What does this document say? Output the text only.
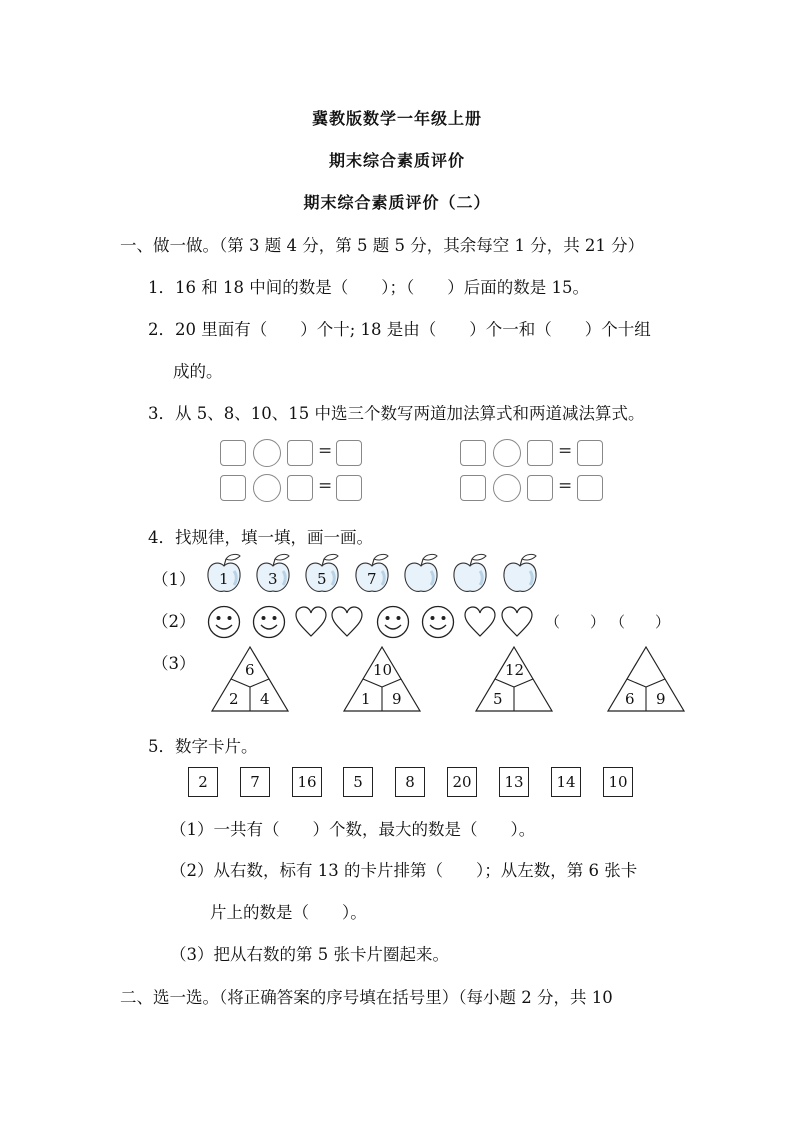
冀教版数学一年级上册
期末综合素质评价
期末综合素质评价（二）
一、做一做。（第 3 题 4 分，第 5 题 5 分，其余每空 1 分，共 21 分）
1．16 和 18 中间的数是（　　）；（　　）后面的数是 15。
2．20 里面有（　　）个十; 18 是由（　　）个一和（　　）个十组
成的。
3．从 5、8、10、15 中选三个数写两道加法算式和两道减法算式。
=
=
=
=
4．找规律，填一填，画一画。
（1）
（2）
（3）
1	3	5	7
（　　） （　　）
6
2 4
10
1 9
12
5	6 9
5．数字卡片。
2	7	16	5	8	20	13	14	10
（1）一共有（　　）个数，最大的数是（　　）。
（2）从右数，标有 13 的卡片排第（　　）；从左数，第 6 张卡
片上的数是（　　）。
（3）把从右数的第 5 张卡片圈起来。
二、选一选。（将正确答案的序号填在括号里）（每小题 2 分，共 10
